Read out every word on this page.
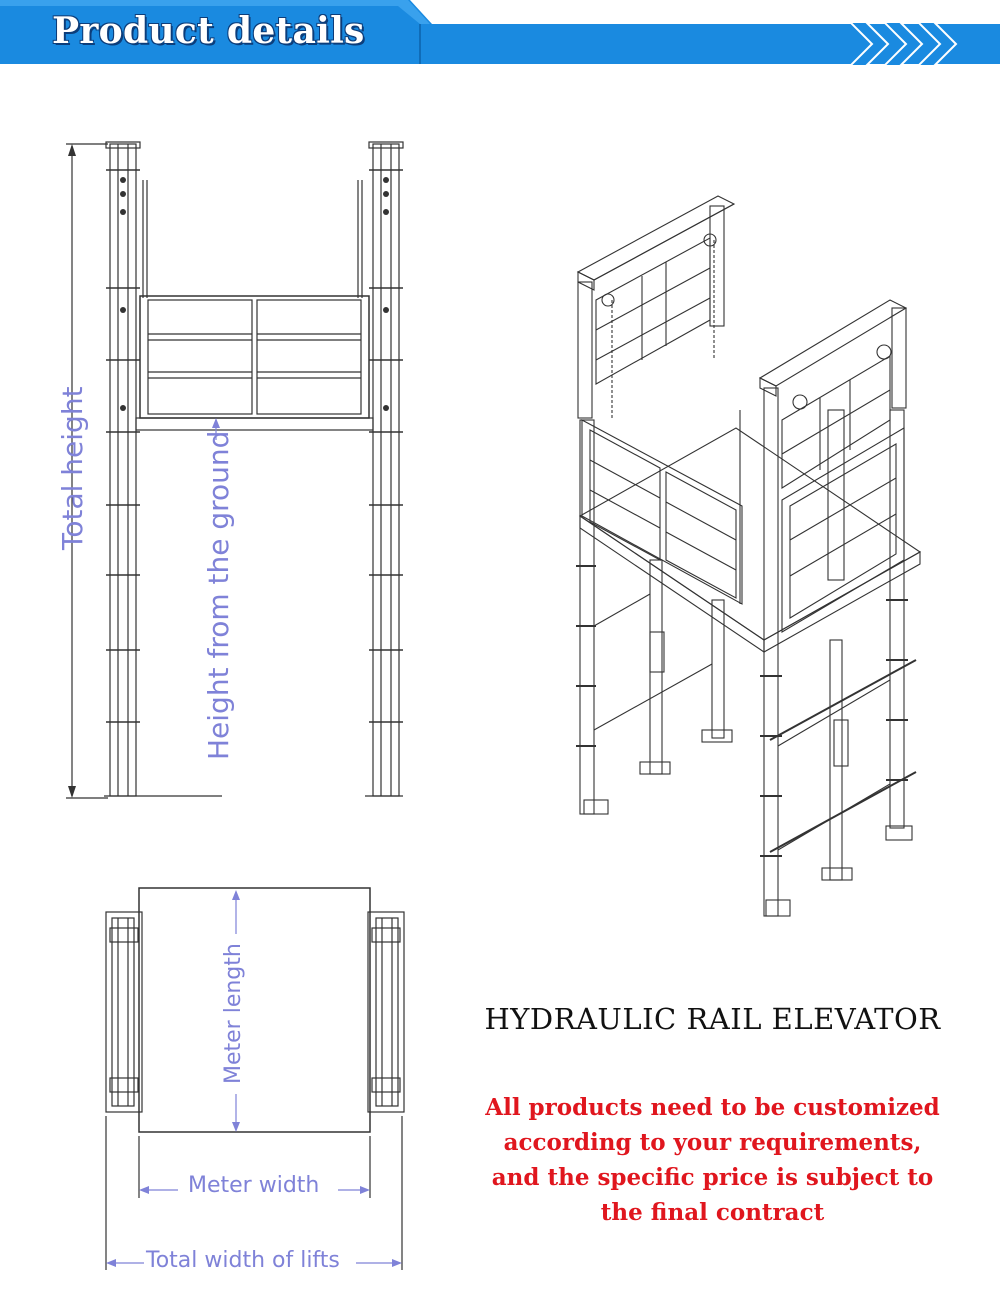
Product details
Total height	Height from the ground
Meter length
Meter width
Total width of lifts
HYDRAULIC RAIL ELEVATOR
All products need to be customized
according to your requirements,
and the specific price is subject to
the final contract
